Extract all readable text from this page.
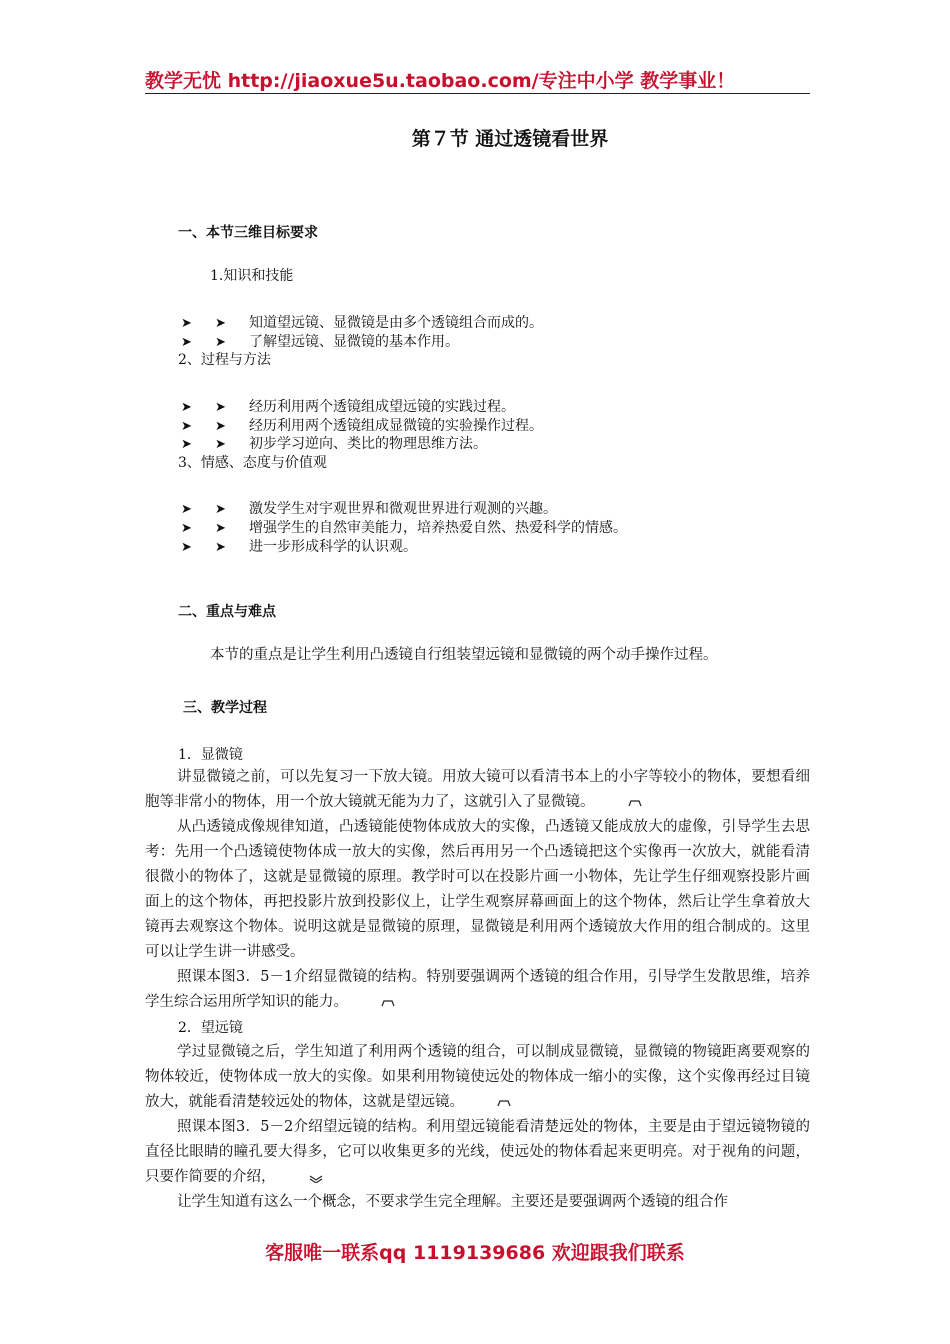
教学无忧 http://jiaoxue5u.taobao.com/专注中小学 教学事业！
第７节 通过透镜看世界
一、本节三维目标要求
1.知识和技能
➤ ➤ 知道望远镜、显微镜是由多个透镜组合而成的。
➤ ➤ 了解望远镜、显微镜的基本作用。
2、过程与方法
➤ ➤ 经历利用两个透镜组成望远镜的实践过程。
➤ ➤ 经历利用两个透镜组成显微镜的实验操作过程。
➤ ➤ 初步学习逆向、类比的物理思维方法。
3、情感、态度与价值观
➤ ➤ 激发学生对宇观世界和微观世界进行观测的兴趣。
➤ ➤ 增强学生的自然审美能力，培养热爱自然、热爱科学的情感。
➤ ➤ 进一步形成科学的认识观。
二、重点与难点
本节的重点是让学生利用凸透镜自行组装望远镜和显微镜的两个动手操作过程。
三、教学过程
1．显微镜
讲显微镜之前，可以先复习一下放大镜。用放大镜可以看清书本上的小字等较小的物体，要想看细胞等非常小的物体，用一个放大镜就无能为力了，这就引入了显微镜。
从凸透镜成像规律知道，凸透镜能使物体成放大的实像，凸透镜又能成放大的虚像，引导学生去思考：先用一个凸透镜使物体成一放大的实像，然后再用另一个凸透镜把这个实像再一次放大，就能看清很微小的物体了，这就是显微镜的原理。教学时可以在投影片画一小物体，先让学生仔细观察投影片画面上的这个物体，再把投影片放到投影仪上，让学生观察屏幕画面上的这个物体，然后让学生拿着放大镜再去观察这个物体。说明这就是显微镜的原理，显微镜是利用两个透镜放大作用的组合制成的。这里可以让学生讲一讲感受。
照课本图3．5－1介绍显微镜的结构。特别要强调两个透镜的组合作用，引导学生发散思维，培养学生综合运用所学知识的能力。
2．望远镜
学过显微镜之后，学生知道了利用两个透镜的组合，可以制成显微镜，显微镜的物镜距离要观察的物体较近，使物体成一放大的实像。如果利用物镜使远处的物体成一缩小的实像，这个实像再经过目镜放大，就能看清楚较远处的物体，这就是望远镜。
照课本图3．5－2介绍望远镜的结构。利用望远镜能看清楚远处的物体，主要是由于望远镜物镜的直径比眼睛的瞳孔要大得多，它可以收集更多的光线，使远处的物体看起来更明亮。对于视角的问题，只要作简要的介绍，
让学生知道有这么一个概念，不要求学生完全理解。主要还是要强调两个透镜的组合作
客服唯一联系qq 1119139686 欢迎跟我们联系
